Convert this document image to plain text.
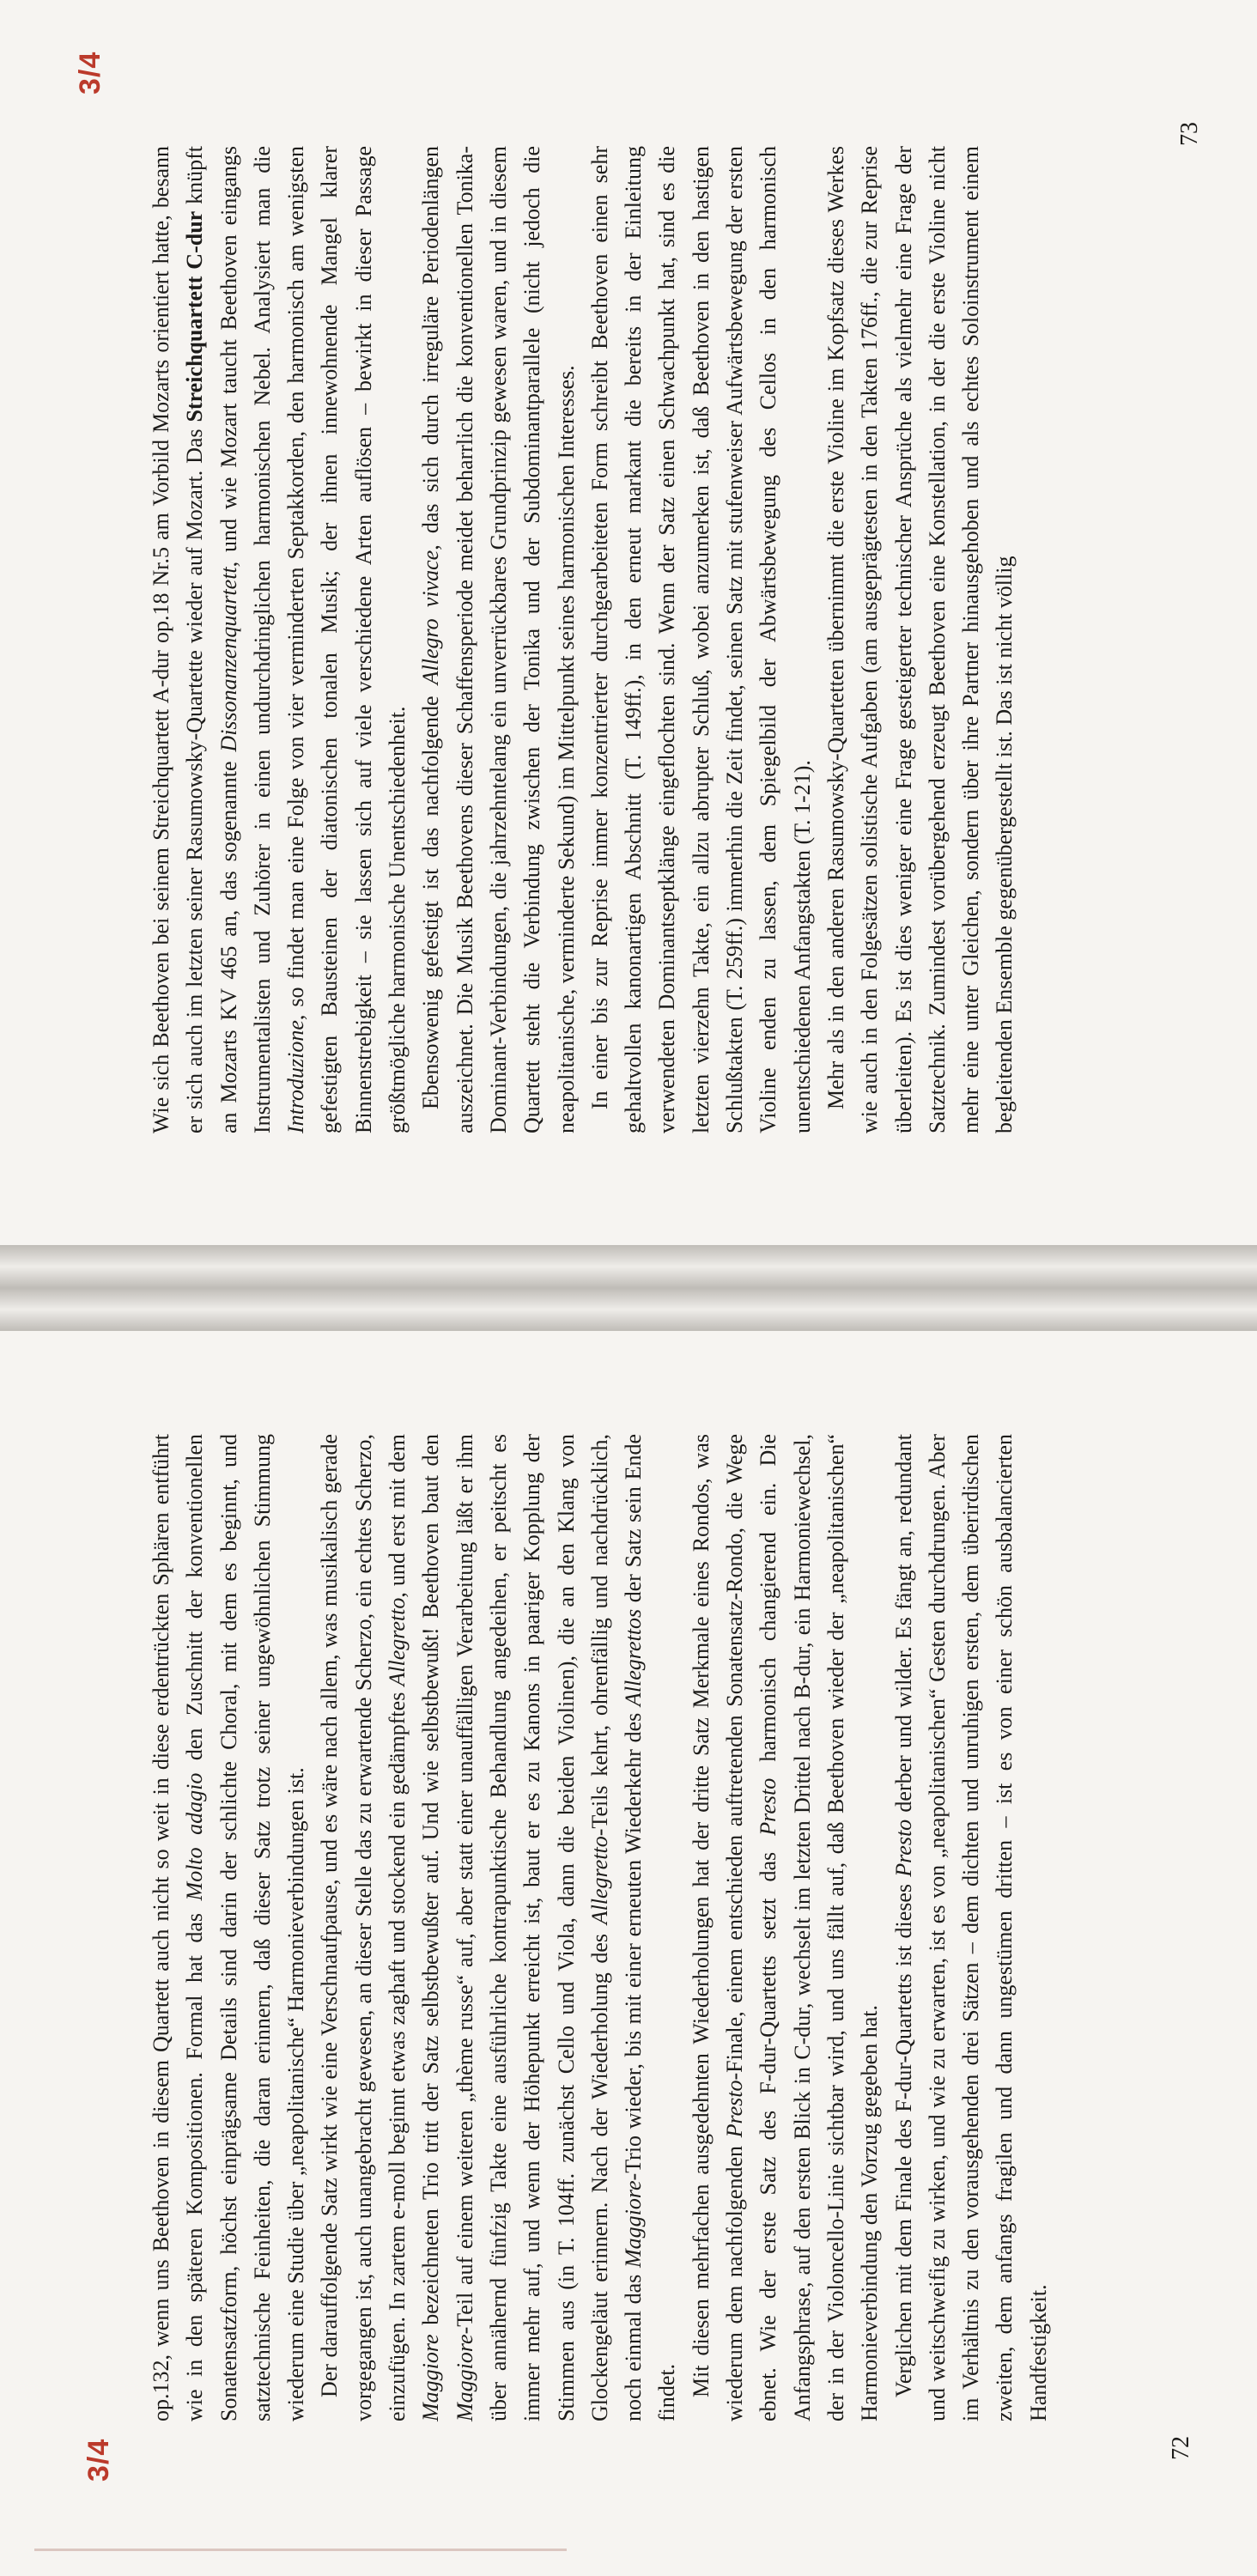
3/4

Wie sich Beethoven bei seinem Streichquartett A-dur op.18 Nr.5 am Vorbild Mozarts orientiert hatte, besann er sich auch im letzten seiner Rasumowsky-Quartette wieder auf Mozart. Das Streichquartett C-dur knüpft an Mozarts KV 465 an, das sogenannte Dissonanzenquartett, und wie Mozart taucht Beethoven eingangs Instrumentalisten und Zuhörer in einen undurchdringlichen harmonischen Nebel. Analysiert man die Introduzione, so findet man eine Folge von vier verminderten Septakkorden, den harmonisch am wenigsten gefestigten Bausteinen der diatonischen tonalen Musik; der ihnen innewohnende Mangel klarer Binnenstrebigkeit – sie lassen sich auf viele verschiedene Arten auflösen – bewirkt in dieser Passage größtmögliche harmonische Unentschiedenheit. Ebensowenig gefestigt ist das nachfolgende Allegro vivace, das sich durch irreguläre Periodenlängen auszeichnet. Die Musik Beethovens dieser Schaffensperiode meidet beharrlich die konventionellen Tonika-Dominant-Verbindungen, die jahrzehntelang ein unverrückbares Grundprinzip gewesen waren, und in diesem Quartett steht die Verbindung zwischen der Tonika und der Subdominantparallele (nicht jedoch die neapolitanische, verminderte Sekund) im Mittelpunkt seines harmonischen Interesses. In einer bis zur Reprise immer konzentrierter durchgearbeiteten Form schreibt Beethoven einen sehr gehaltvollen kanonartigen Abschnitt (T. 149ff.), in den erneut markant die bereits in der Einleitung verwendeten Dominantseptklänge eingeflochten sind. Wenn der Satz einen Schwachpunkt hat, sind es die letzten vierzehn Takte, ein allzu abrupter Schluß, wobei anzumerken ist, daß Beethoven in den hastigen Schlußtakten (T. 259ff.) immerhin die Zeit findet, seinen Satz mit stufenweiser Aufwärtsbewegung der ersten Violine enden zu lassen, dem Spiegelbild der Abwärtsbewegung des Cellos in den harmonisch unentschiedenen Anfangstakten (T. 1-21). Mehr als in den anderen Rasumowsky-Quartetten übernimmt die erste Violine im Kopfsatz dieses Werkes wie auch in den Folgesätzen solistische Aufgaben (am ausgeprägtesten in den Takten 176ff., die zur Reprise überleiten). Es ist dies weniger eine Frage gesteigerter technischer Ansprüche als vielmehr eine Frage der Satztechnik. Zumindest vorübergehend erzeugt Beethoven eine Konstellation, in der die erste Violine nicht mehr eine unter Gleichen, sondern über ihre Partner hinausgehoben und als echtes Soloinstrument einem begleitenden Ensemble gegenübergestellt ist. Das ist nicht völlig

73
3/4

op.132, wenn uns Beethoven in diesem Quartett auch nicht so weit in diese erdentrückten Sphären entführt wie in den späteren Kompositionen. Formal hat das Molto adagio den Zuschnitt der konventionellen Sonatensatzform, höchst einprägsame Details sind darin der schlichte Choral, mit dem es beginnt, und satztechnische Feinheiten, die daran erinnern, daß dieser Satz trotz seiner ungewöhnlichen Stimmung wiederum eine Studie über „neapolitanische“ Harmonieverbindungen ist. Der darauffolgende Satz wirkt wie eine Verschnaufpause, und es wäre nach allem, was musikalisch gerade vorgegangen ist, auch unangebracht gewesen, an dieser Stelle das zu erwartende Scherzo, ein echtes Scherzo, einzufügen. In zartem e-moll beginnt etwas zaghaft und stockend ein gedämpftes Allegretto, und erst mit dem Maggiore bezeichneten Trio tritt der Satz selbstbewußter auf. Und wie selbstbewußt! Beethoven baut den Maggiore-Teil auf einem weiteren „thème russe“ auf, aber statt einer unauffälligen Verarbeitung läßt er ihm über annähernd fünfzig Takte eine ausführliche kontrapunktische Behandlung angedeihen, er peitscht es immer mehr auf, und wenn der Höhepunkt erreicht ist, baut er es zu Kanons in paariger Kopplung der Stimmen aus (in T. 104ff. zunächst Cello und Viola, dann die beiden Violinen), die an den Klang von Glockengeläut erinnern. Nach der Wiederholung des Allegretto-Teils kehrt, ohrenfällig und nachdrücklich, noch einmal das Maggiore-Trio wieder, bis mit einer erneuten Wiederkehr des Allegrettos der Satz sein Ende findet. Mit diesen mehrfachen ausgedehnten Wiederholungen hat der dritte Satz Merkmale eines Rondos, was wiederum dem nachfolgenden Presto-Finale, einem entschieden auftretenden Sonatensatz-Rondo, die Wege ebnet. Wie der erste Satz des F-dur-Quartetts setzt das Presto harmonisch changierend ein. Die Anfangsphrase, auf den ersten Blick in C-dur, wechselt im letzten Drittel nach B-dur, ein Harmoniewechsel, der in der Violoncello-Linie sichtbar wird, und uns fällt auf, daß Beethoven wieder der „neapolitanischen“ Harmonieverbindung den Vorzug gegeben hat. Verglichen mit dem Finale des F-dur-Quartetts ist dieses Presto derber und wilder. Es fängt an, redundant und weitschweifig zu wirken, und wie zu erwarten, ist es von „neapolitanischen“ Gesten durchdrungen. Aber im Verhältnis zu den vorausgehenden drei Sätzen – dem dichten und unruhigen ersten, dem überirdischen zweiten, dem anfangs fragilen und dann ungestümen dritten – ist es von einer schön ausbalancierten Handfestigkeit.

72
